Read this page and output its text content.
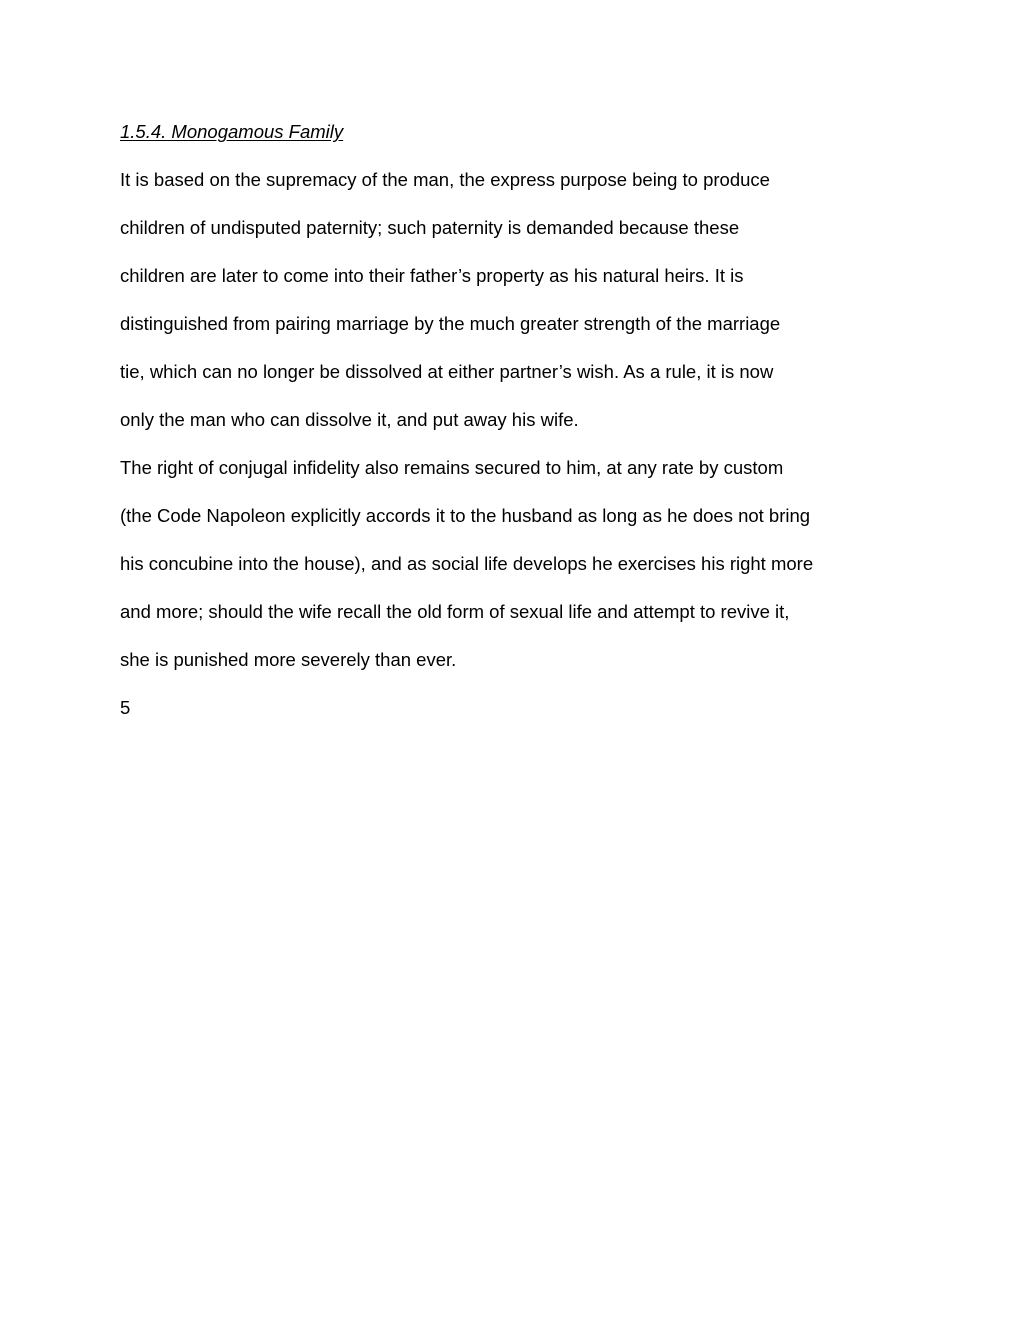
1.5.4. Monogamous Family
It is based on the supremacy of the man, the express purpose being to produce
children of undisputed paternity; such paternity is demanded because these
children are later to come into their father’s property as his natural heirs. It is
distinguished from pairing marriage by the much greater strength of the marriage
tie, which can no longer be dissolved at either partner’s wish. As a rule, it is now
only the man who can dissolve it, and put away his wife.
The right of conjugal infidelity also remains secured to him, at any rate by custom
(the Code Napoleon explicitly accords it to the husband as long as he does not bring
his concubine into the house), and as social life develops he exercises his right more
and more; should the wife recall the old form of sexual life and attempt to revive it,
she is punished more severely than ever.
5
